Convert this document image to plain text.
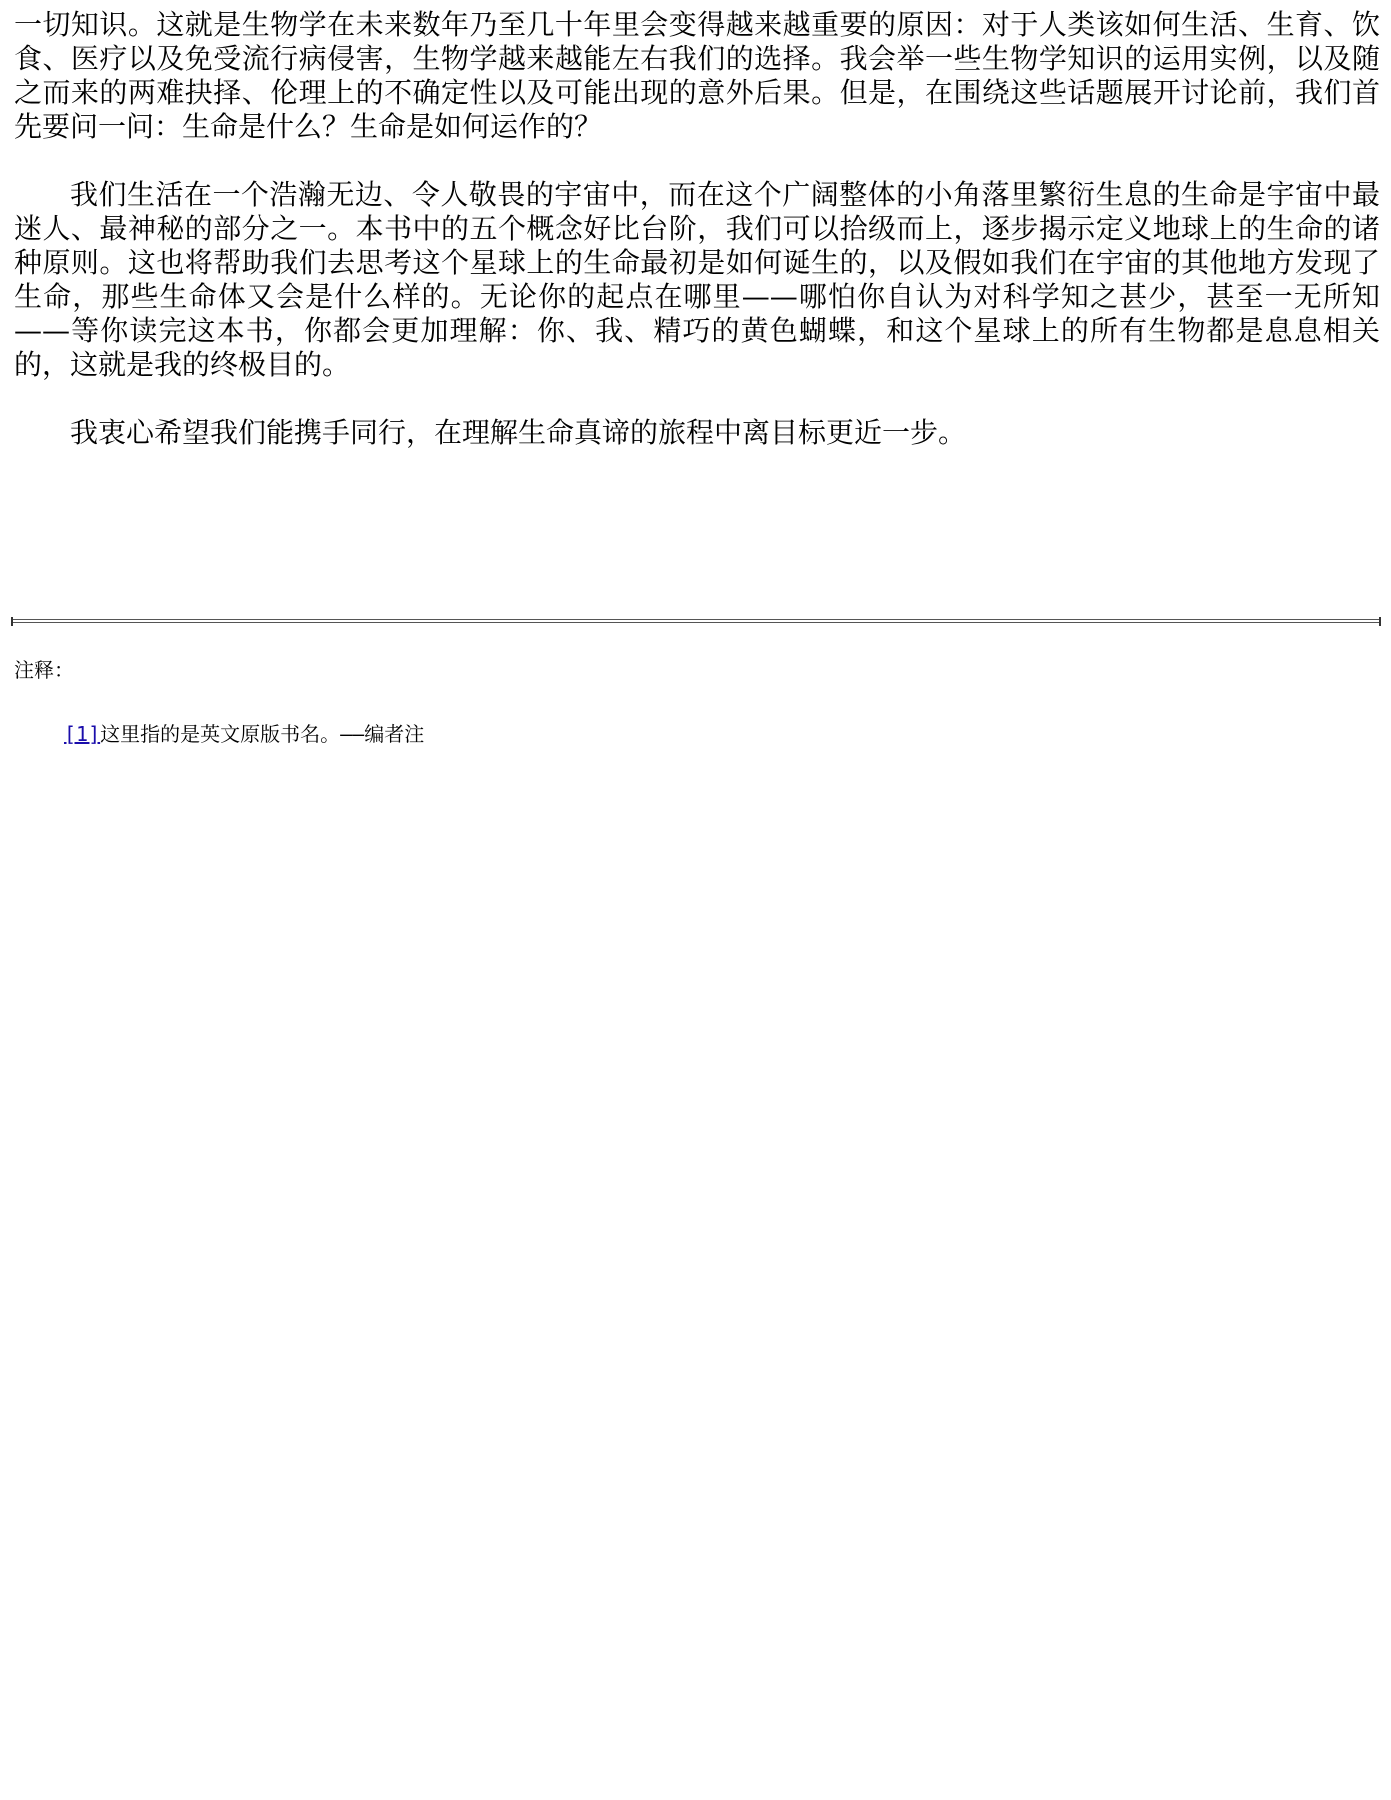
一切知识。这就是生物学在未来数年乃至几十年里会变得越来越重要的原因：对于人类该如何生活、生育、饮食、医疗以及免受流行病侵害，生物学越来越能左右我们的选择。我会举一些生物学知识的运用实例，以及随之而来的两难抉择、伦理上的不确定性以及可能出现的意外后果。但是，在围绕这些话题展开讨论前，我们首先要问一问：生命是什么？生命是如何运作的？

我们生活在一个浩瀚无边、令人敬畏的宇宙中，而在这个广阔整体的小角落里繁衍生息的生命是宇宙中最迷人、最神秘的部分之一。本书中的五个概念好比台阶，我们可以拾级而上，逐步揭示定义地球上的生命的诸种原则。这也将帮助我们去思考这个星球上的生命最初是如何诞生的，以及假如我们在宇宙的其他地方发现了生命，那些生命体又会是什么样的。无论你的起点在哪里——哪怕你自认为对科学知之甚少，甚至一无所知——等你读完这本书，你都会更加理解：你、我、精巧的黄色蝴蝶，和这个星球上的所有生物都是息息相关的，这就是我的终极目的。

我衷心希望我们能携手同行，在理解生命真谛的旅程中离目标更近一步。

注释：
[1]这里指的是英文原版书名。——编者注
